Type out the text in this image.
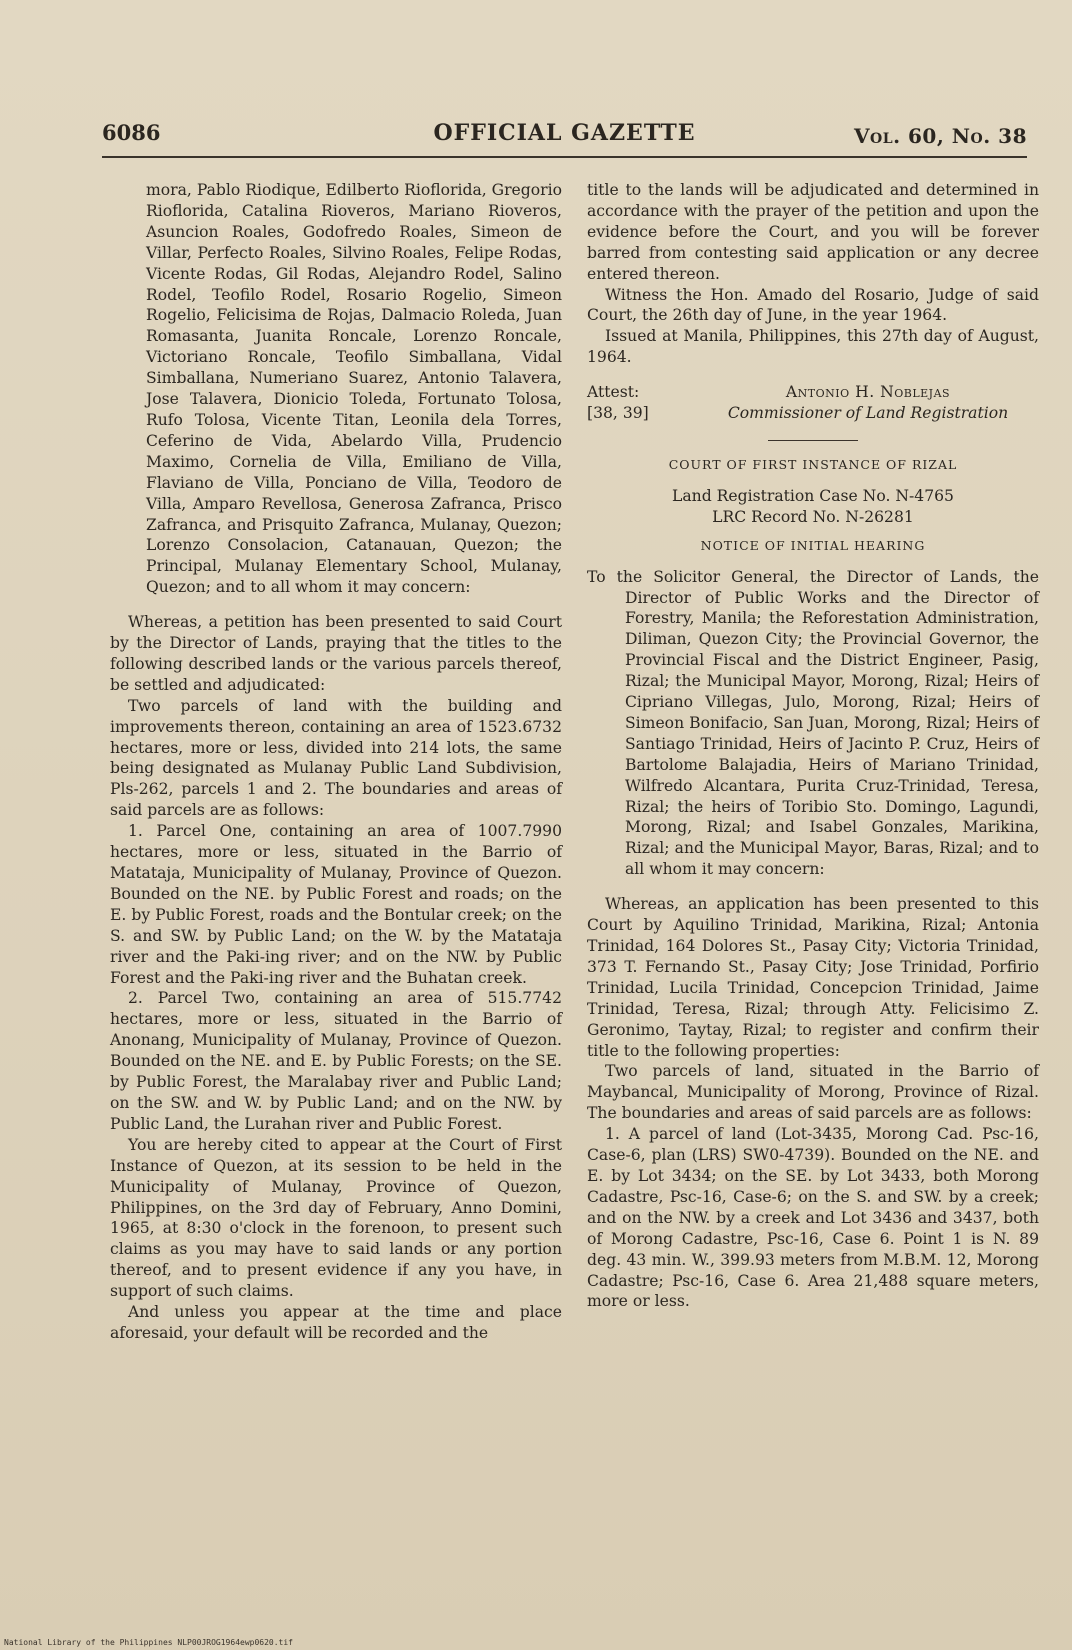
6086	OFFICIAL GAZETTE	Vol. 60, No. 38

mora, Pablo Riodique, Edilberto Rioflorida, Gregorio Rioflorida, Catalina Rioveros, Mariano Rioveros, Asuncion Roales, Godofredo Roales, Simeon de Villar, Perfecto Roales, Silvino Roales, Felipe Rodas, Vicente Rodas, Gil Rodas, Alejandro Rodel, Salino Rodel, Teofilo Rodel, Rosario Rogelio, Simeon Rogelio, Felicisima de Rojas, Dalmacio Roleda, Juan Romasanta, Juanita Roncale, Lorenzo Roncale, Victoriano Roncale, Teofilo Simballana, Vidal Simballana, Numeriano Suarez, Antonio Talavera, Jose Talavera, Dionicio Toleda, Fortunato Tolosa, Rufo Tolosa, Vicente Titan, Leonila dela Torres, Ceferino de Vida, Abelardo Villa, Prudencio Maximo, Cornelia de Villa, Emiliano de Villa, Flaviano de Villa, Ponciano de Villa, Teodoro de Villa, Amparo Revellosa, Generosa Zafranca, Prisco Zafranca, and Prisquito Zafranca, Mulanay, Quezon; Lorenzo Consolacion, Catanauan, Quezon; the Principal, Mulanay Elementary School, Mulanay, Quezon; and to all whom it may concern:

Whereas, a petition has been presented to said Court by the Director of Lands, praying that the titles to the following described lands or the various parcels thereof, be settled and adjudicated:

Two parcels of land with the building and improvements thereon, containing an area of 1523.6732 hectares, more or less, divided into 214 lots, the same being designated as Mulanay Public Land Subdivision, Pls-262, parcels 1 and 2. The boundaries and areas of said parcels are as follows:

1. Parcel One, containing an area of 1007.7990 hectares, more or less, situated in the Barrio of Matataja, Municipality of Mulanay, Province of Quezon. Bounded on the NE. by Public Forest and roads; on the E. by Public Forest, roads and the Bontular creek; on the S. and SW. by Public Land; on the W. by the Matataja river and the Paki-ing river; and on the NW. by Public Forest and the Paki-ing river and the Buhatan creek.

2. Parcel Two, containing an area of 515.7742 hectares, more or less, situated in the Barrio of Anonang, Municipality of Mulanay, Province of Quezon. Bounded on the NE. and E. by Public Forests; on the SE. by Public Forest, the Maralabay river and Public Land; on the SW. and W. by Public Land; and on the NW. by Public Land, the Lurahan river and Public Forest.

You are hereby cited to appear at the Court of First Instance of Quezon, at its session to be held in the Municipality of Mulanay, Province of Quezon, Philippines, on the 3rd day of February, Anno Domini, 1965, at 8:30 o'clock in the forenoon, to present such claims as you may have to said lands or any portion thereof, and to present evidence if any you have, in support of such claims.

And unless you appear at the time and place aforesaid, your default will be recorded and the

title to the lands will be adjudicated and determined in accordance with the prayer of the petition and upon the evidence before the Court, and you will be forever barred from contesting said application or any decree entered thereon.

Witness the Hon. Amado del Rosario, Judge of said Court, the 26th day of June, in the year 1964.

Issued at Manila, Philippines, this 27th day of August, 1964.

Attest:
[38, 39]
Antonio H. Noblejas
Commissioner of Land Registration
COURT OF FIRST INSTANCE OF RIZAL
Land Registration Case No. N-4765
LRC Record No. N-26281
NOTICE OF INITIAL HEARING

To the Solicitor General, the Director of Lands, the Director of Public Works and the Director of Forestry, Manila; the Reforestation Administration, Diliman, Quezon City; the Provincial Governor, the Provincial Fiscal and the District Engineer, Pasig, Rizal; the Municipal Mayor, Morong, Rizal; Heirs of Cipriano Villegas, Julo, Morong, Rizal; Heirs of Simeon Bonifacio, San Juan, Morong, Rizal; Heirs of Santiago Trinidad, Heirs of Jacinto P. Cruz, Heirs of Bartolome Balajadia, Heirs of Mariano Trinidad, Wilfredo Alcantara, Purita Cruz-Trinidad, Teresa, Rizal; the heirs of Toribio Sto. Domingo, Lagundi, Morong, Rizal; and Isabel Gonzales, Marikina, Rizal; and the Municipal Mayor, Baras, Rizal; and to all whom it may concern:

Whereas, an application has been presented to this Court by Aquilino Trinidad, Marikina, Rizal; Antonia Trinidad, 164 Dolores St., Pasay City; Victoria Trinidad, 373 T. Fernando St., Pasay City; Jose Trinidad, Porfirio Trinidad, Lucila Trinidad, Concepcion Trinidad, Jaime Trinidad, Teresa, Rizal; through Atty. Felicisimo Z. Geronimo, Taytay, Rizal; to register and confirm their title to the following properties:

Two parcels of land, situated in the Barrio of Maybancal, Municipality of Morong, Province of Rizal. The boundaries and areas of said parcels are as follows:

1. A parcel of land (Lot-3435, Morong Cad. Psc-16, Case-6, plan (LRS) SW0-4739). Bounded on the NE. and E. by Lot 3434; on the SE. by Lot 3433, both Morong Cadastre, Psc-16, Case-6; on the S. and SW. by a creek; and on the NW. by a creek and Lot 3436 and 3437, both of Morong Cadastre, Psc-16, Case 6. Point 1 is N. 89 deg. 43 min. W., 399.93 meters from M.B.M. 12, Morong Cadastre; Psc-16, Case 6. Area 21,488 square meters, more or less.

National Library of the Philippines NLP00JROG1964ewp0620.tif
